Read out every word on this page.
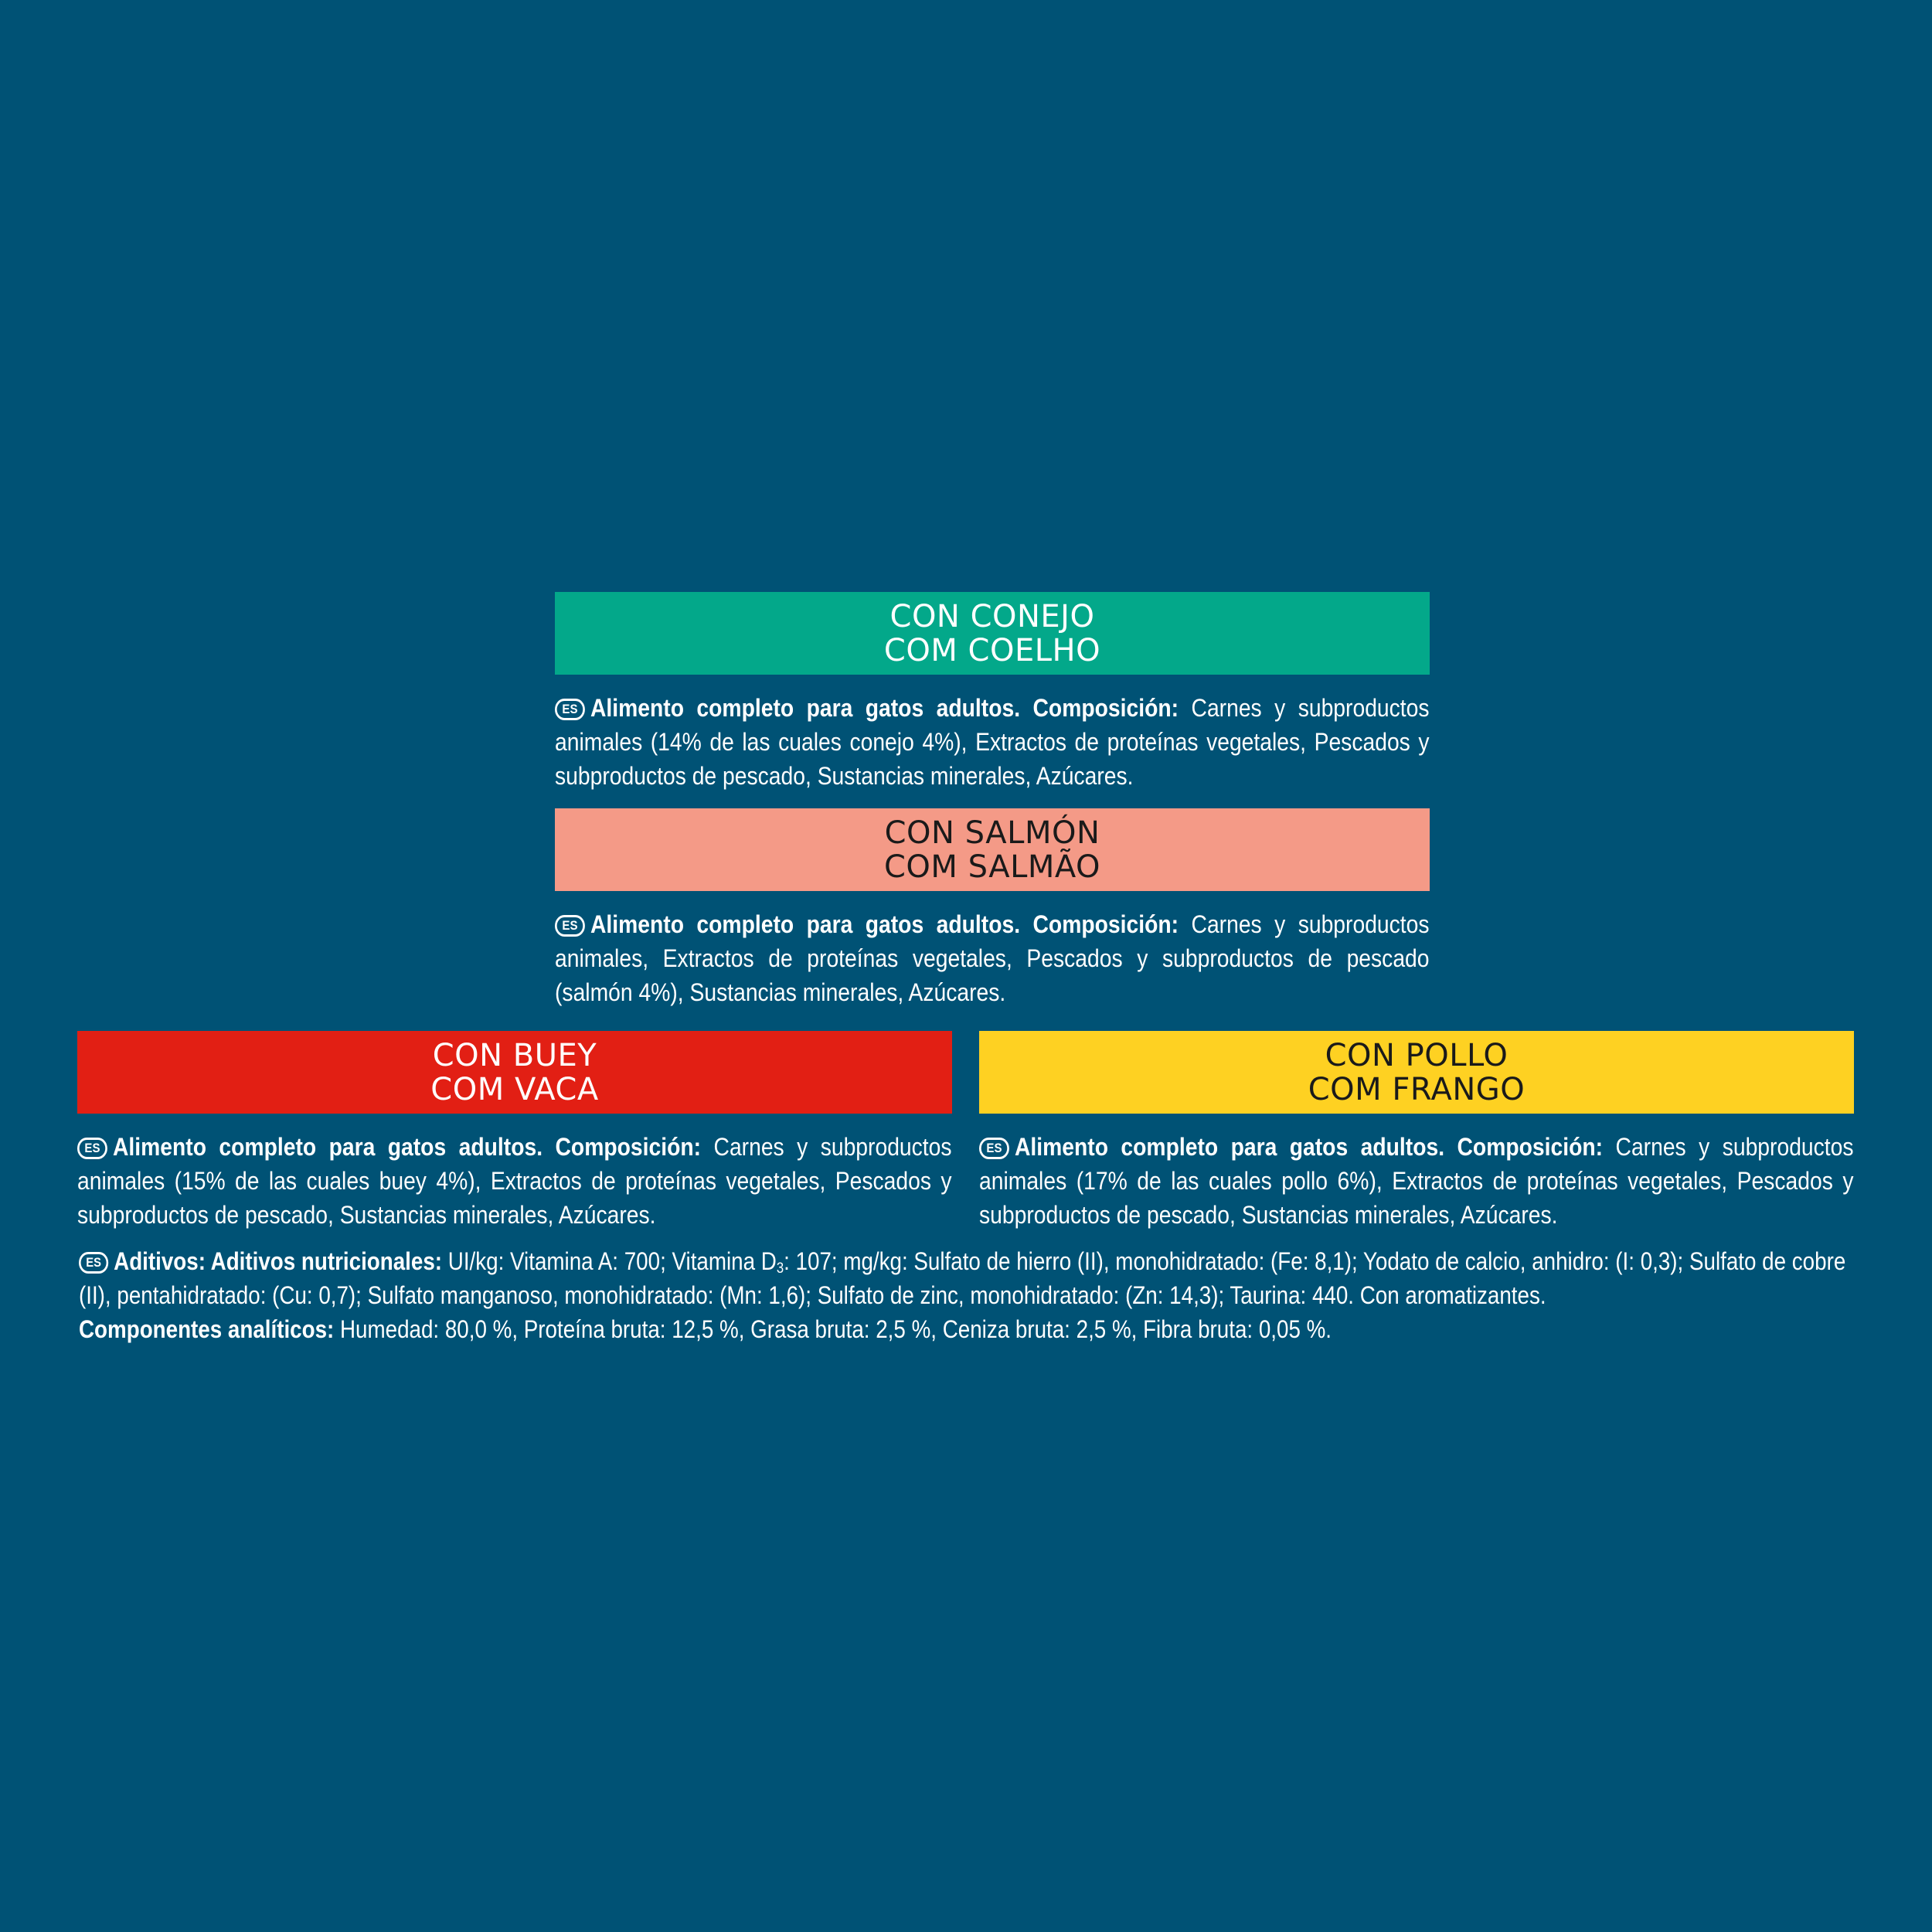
CON CONEJO
COM COELHO
ES Alimento completo para gatos adultos. Composición: Carnes y subproductos animales (14% de las cuales conejo 4%), Extractos de proteínas vegetales, Pescados y subproductos de pescado, Sustancias minerales, Azúcares.
CON SALMÓN
COM SALMÃO
ES Alimento completo para gatos adultos. Composición: Carnes y subproductos animales, Extractos de proteínas vegetales, Pescados y subproductos de pescado (salmón 4%), Sustancias minerales, Azúcares.
CON BUEY
COM VACA
ES Alimento completo para gatos adultos. Composición: Carnes y subproductos animales (15% de las cuales buey 4%), Extractos de proteínas vegetales, Pescados y subproductos de pescado, Sustancias minerales, Azúcares.
CON POLLO
COM FRANGO
ES Alimento completo para gatos adultos. Composición: Carnes y subproductos animales (17% de las cuales pollo 6%), Extractos de proteínas vegetales, Pescados y subproductos de pescado, Sustancias minerales, Azúcares.
ES Aditivos: Aditivos nutricionales: UI/kg: Vitamina A: 700; Vitamina $D_3$: 107; mg/kg: Sulfato de hierro (II), monohidratado: (Fe: 8,1); Yodato de calcio, anhidro: (I: 0,3); Sulfato de cobre (II), pentahidratado: (Cu: 0,7); Sulfato manganoso, monohidratado: (Mn: 1,6); Sulfato de zinc, monohidratado: (Zn: 14,3); Taurina: 440. Con aromatizantes.
Componentes analíticos: Humedad: 80,0 %, Proteína bruta: 12,5 %, Grasa bruta: 2,5 %, Ceniza bruta: 2,5 %, Fibra bruta: 0,05 %.
